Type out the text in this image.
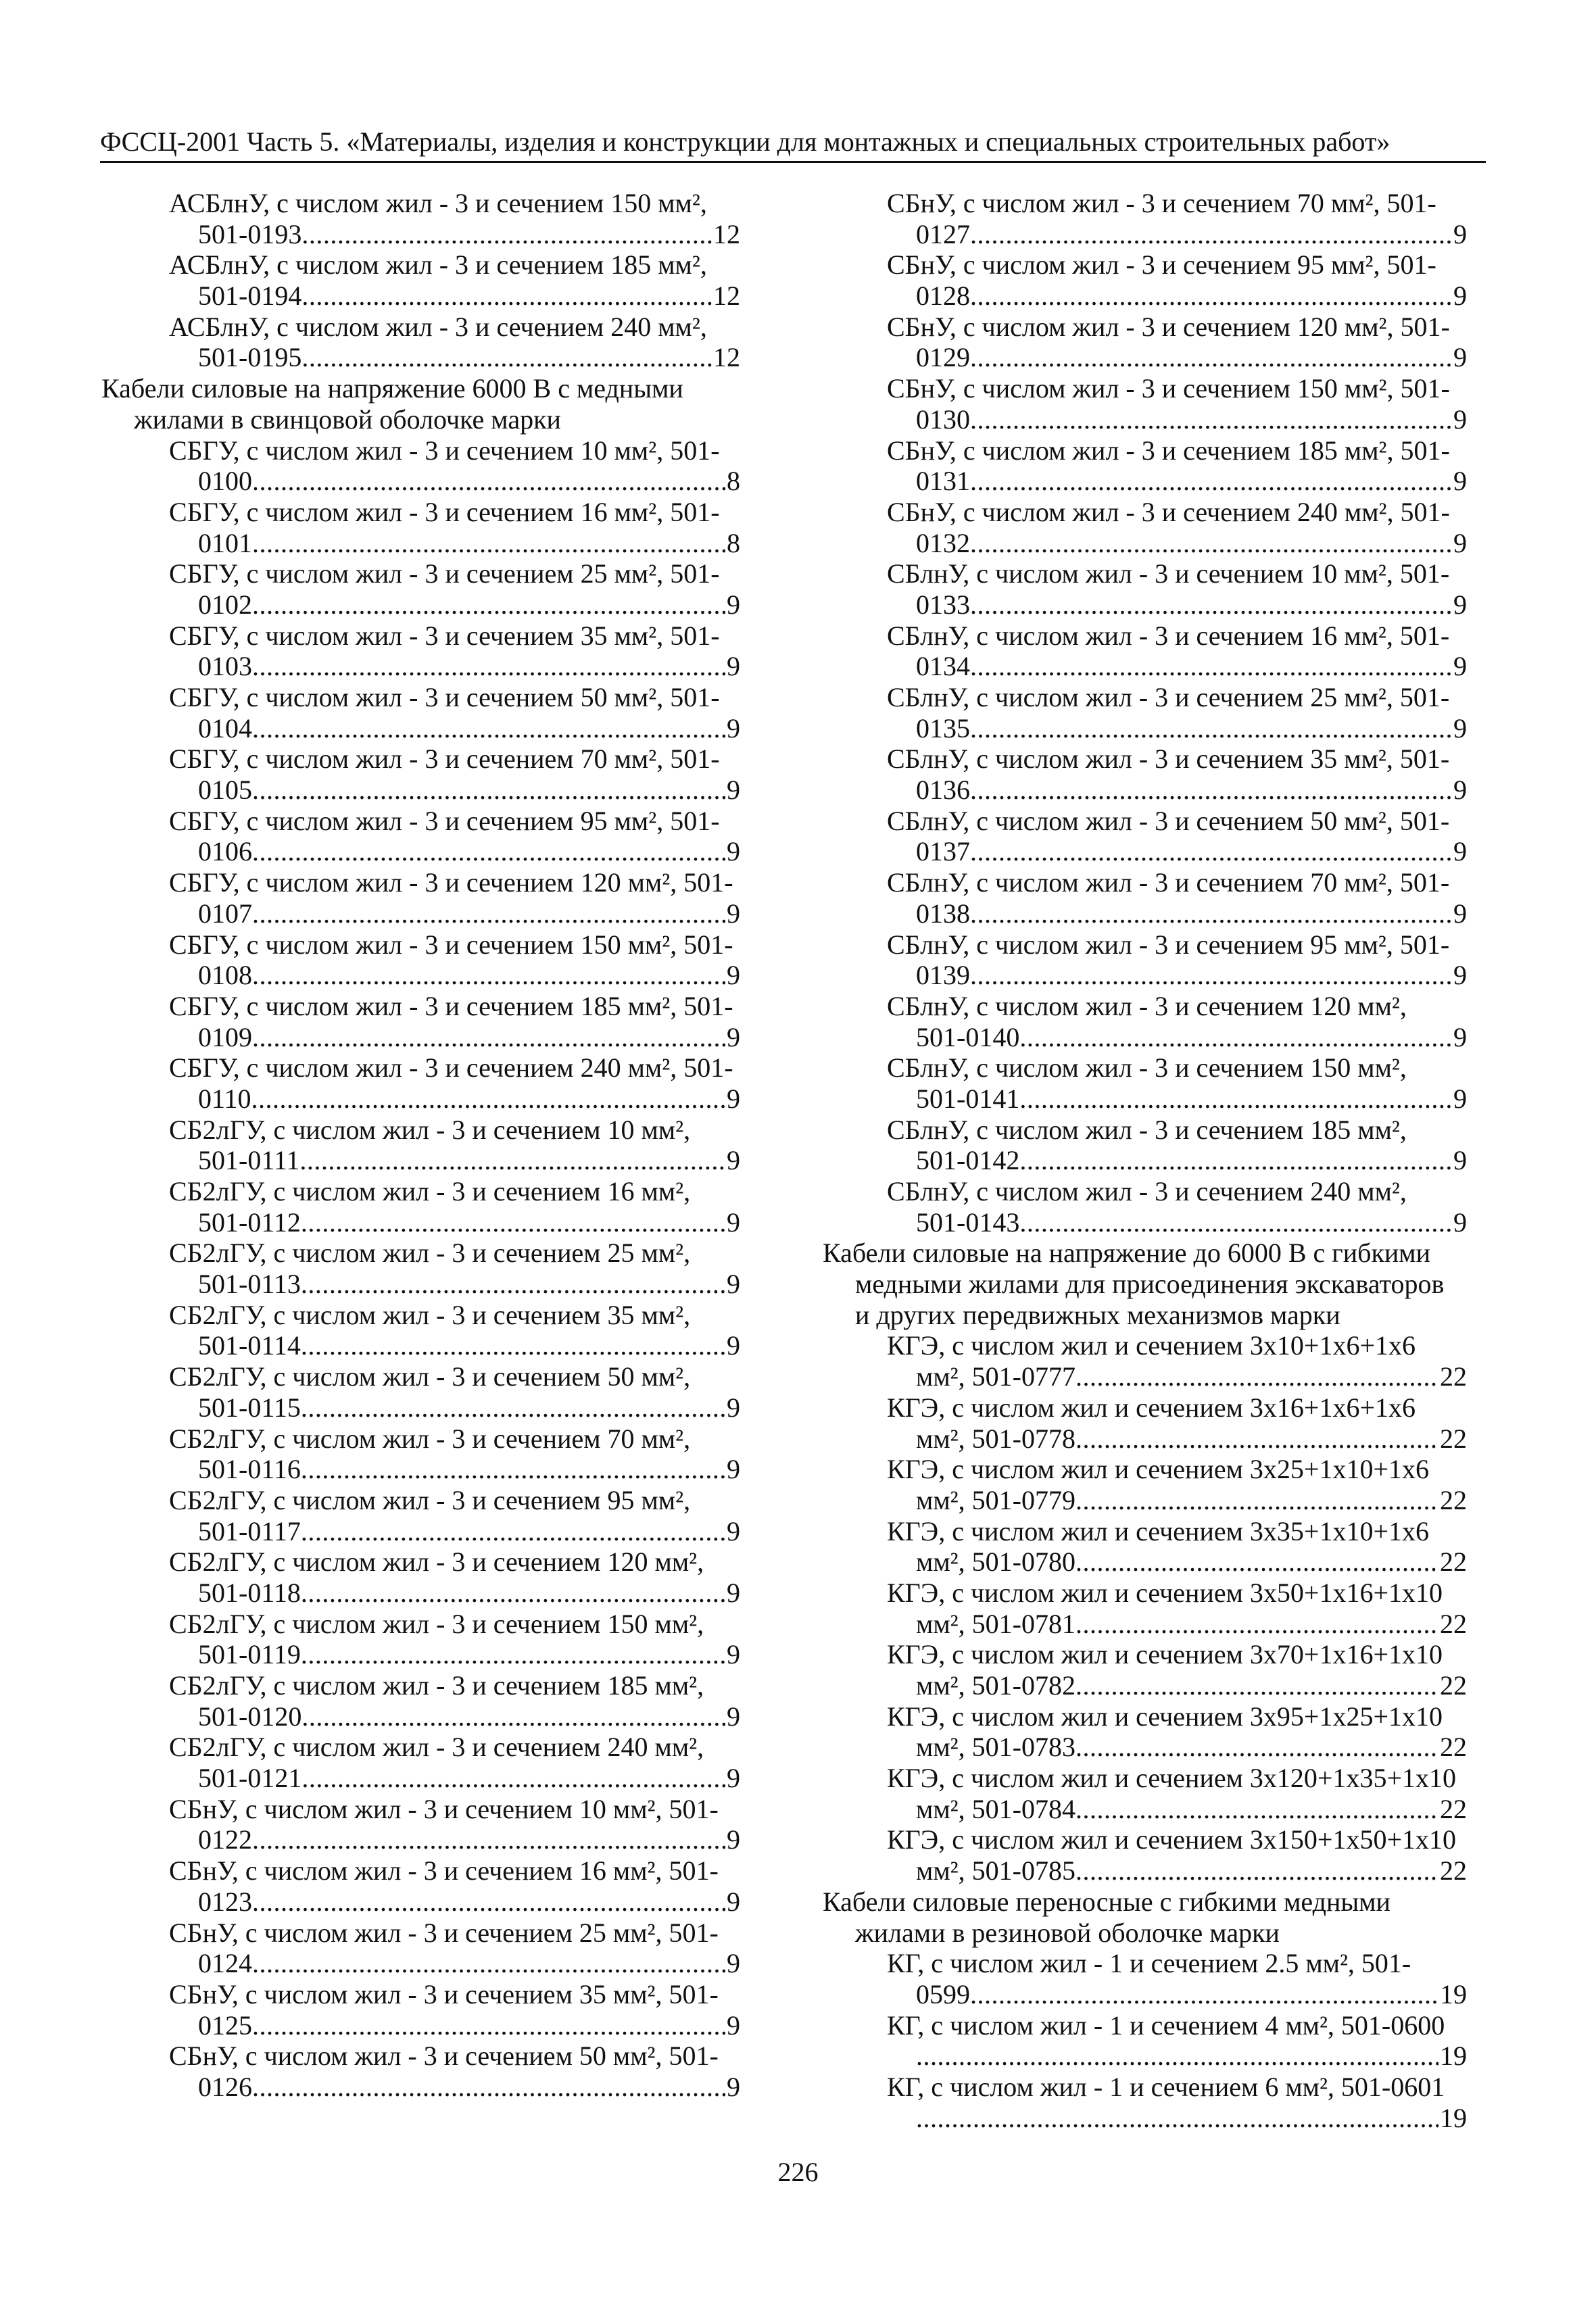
ФССЦ-2001 Часть 5. «Материалы, изделия и конструкции для монтажных и специальных строительных работ»
АСБлнУ, с числом жил - 3 и сечением 150 мм²,
501-0193 .....	12
АСБлнУ, с числом жил - 3 и сечением 185 мм²,
501-0194 .....	12
АСБлнУ, с числом жил - 3 и сечением 240 мм²,
501-0195 .....	12
Кабели силовые на напряжение 6000 В с медными
жилами в свинцовой оболочке марки
СБГУ, с числом жил - 3 и сечением 10 мм², 501-
0100 .....	8
СБГУ, с числом жил - 3 и сечением 16 мм², 501-
0101 .....	8
СБГУ, с числом жил - 3 и сечением 25 мм², 501-
0102 .....	9
СБГУ, с числом жил - 3 и сечением 35 мм², 501-
0103 .....	9
СБГУ, с числом жил - 3 и сечением 50 мм², 501-
0104 .....	9
СБГУ, с числом жил - 3 и сечением 70 мм², 501-
0105 .....	9
СБГУ, с числом жил - 3 и сечением 95 мм², 501-
0106 .....	9
СБГУ, с числом жил - 3 и сечением 120 мм², 501-
0107 .....	9
СБГУ, с числом жил - 3 и сечением 150 мм², 501-
0108 .....	9
СБГУ, с числом жил - 3 и сечением 185 мм², 501-
0109 .....	9
СБГУ, с числом жил - 3 и сечением 240 мм², 501-
0110 .....	9
СБ2лГУ, с числом жил - 3 и сечением 10 мм²,
501-0111 .....	9
СБ2лГУ, с числом жил - 3 и сечением 16 мм²,
501-0112 .....	9
СБ2лГУ, с числом жил - 3 и сечением 25 мм²,
501-0113 .....	9
СБ2лГУ, с числом жил - 3 и сечением 35 мм²,
501-0114 .....	9
СБ2лГУ, с числом жил - 3 и сечением 50 мм²,
501-0115 .....	9
СБ2лГУ, с числом жил - 3 и сечением 70 мм²,
501-0116 .....	9
СБ2лГУ, с числом жил - 3 и сечением 95 мм²,
501-0117 .....	9
СБ2лГУ, с числом жил - 3 и сечением 120 мм²,
501-0118 .....	9
СБ2лГУ, с числом жил - 3 и сечением 150 мм²,
501-0119 .....	9
СБ2лГУ, с числом жил - 3 и сечением 185 мм²,
501-0120 .....	9
СБ2лГУ, с числом жил - 3 и сечением 240 мм²,
501-0121 .....	9
СБнУ, с числом жил - 3 и сечением 10 мм², 501-
0122 .....	9
СБнУ, с числом жил - 3 и сечением 16 мм², 501-
0123 .....	9
СБнУ, с числом жил - 3 и сечением 25 мм², 501-
0124 .....	9
СБнУ, с числом жил - 3 и сечением 35 мм², 501-
0125 .....	9
СБнУ, с числом жил - 3 и сечением 50 мм², 501-
0126 .....	9
СБнУ, с числом жил - 3 и сечением 70 мм², 501-
0127 .....	9
СБнУ, с числом жил - 3 и сечением 95 мм², 501-
0128 .....	9
СБнУ, с числом жил - 3 и сечением 120 мм², 501-
0129 .....	9
СБнУ, с числом жил - 3 и сечением 150 мм², 501-
0130 .....	9
СБнУ, с числом жил - 3 и сечением 185 мм², 501-
0131 .....	9
СБнУ, с числом жил - 3 и сечением 240 мм², 501-
0132 .....	9
СБлнУ, с числом жил - 3 и сечением 10 мм², 501-
0133 .....	9
СБлнУ, с числом жил - 3 и сечением 16 мм², 501-
0134 .....	9
СБлнУ, с числом жил - 3 и сечением 25 мм², 501-
0135 .....	9
СБлнУ, с числом жил - 3 и сечением 35 мм², 501-
0136 .....	9
СБлнУ, с числом жил - 3 и сечением 50 мм², 501-
0137 .....	9
СБлнУ, с числом жил - 3 и сечением 70 мм², 501-
0138 .....	9
СБлнУ, с числом жил - 3 и сечением 95 мм², 501-
0139 .....	9
СБлнУ, с числом жил - 3 и сечением 120 мм²,
501-0140 .....	9
СБлнУ, с числом жил - 3 и сечением 150 мм²,
501-0141 .....	9
СБлнУ, с числом жил - 3 и сечением 185 мм²,
501-0142 .....	9
СБлнУ, с числом жил - 3 и сечением 240 мм²,
501-0143 .....	9
Кабели силовые на напряжение до 6000 В с гибкими
медными жилами для присоединения экскаваторов
и других передвижных механизмов марки
КГЭ, с числом жил и сечением 3х10+1х6+1х6
мм², 501-0777 .....	22
КГЭ, с числом жил и сечением 3х16+1х6+1х6
мм², 501-0778 .....	22
КГЭ, с числом жил и сечением 3х25+1х10+1х6
мм², 501-0779 .....	22
КГЭ, с числом жил и сечением 3х35+1х10+1х6
мм², 501-0780 .....	22
КГЭ, с числом жил и сечением 3х50+1х16+1х10
мм², 501-0781 .....	22
КГЭ, с числом жил и сечением 3х70+1х16+1х10
мм², 501-0782 .....	22
КГЭ, с числом жил и сечением 3х95+1х25+1х10
мм², 501-0783 .....	22
КГЭ, с числом жил и сечением 3х120+1х35+1х10
мм², 501-0784 .....	22
КГЭ, с числом жил и сечением 3х150+1х50+1х10
мм², 501-0785 .....	22
Кабели силовые переносные с гибкими медными
жилами в резиновой оболочке марки
КГ, с числом жил - 1 и сечением 2.5 мм², 501-
0599 .....	19
КГ, с числом жил - 1 и сечением 4 мм², 501-0600
.....
19
КГ, с числом жил - 1 и сечением 6 мм², 501-0601
.....
19
226
